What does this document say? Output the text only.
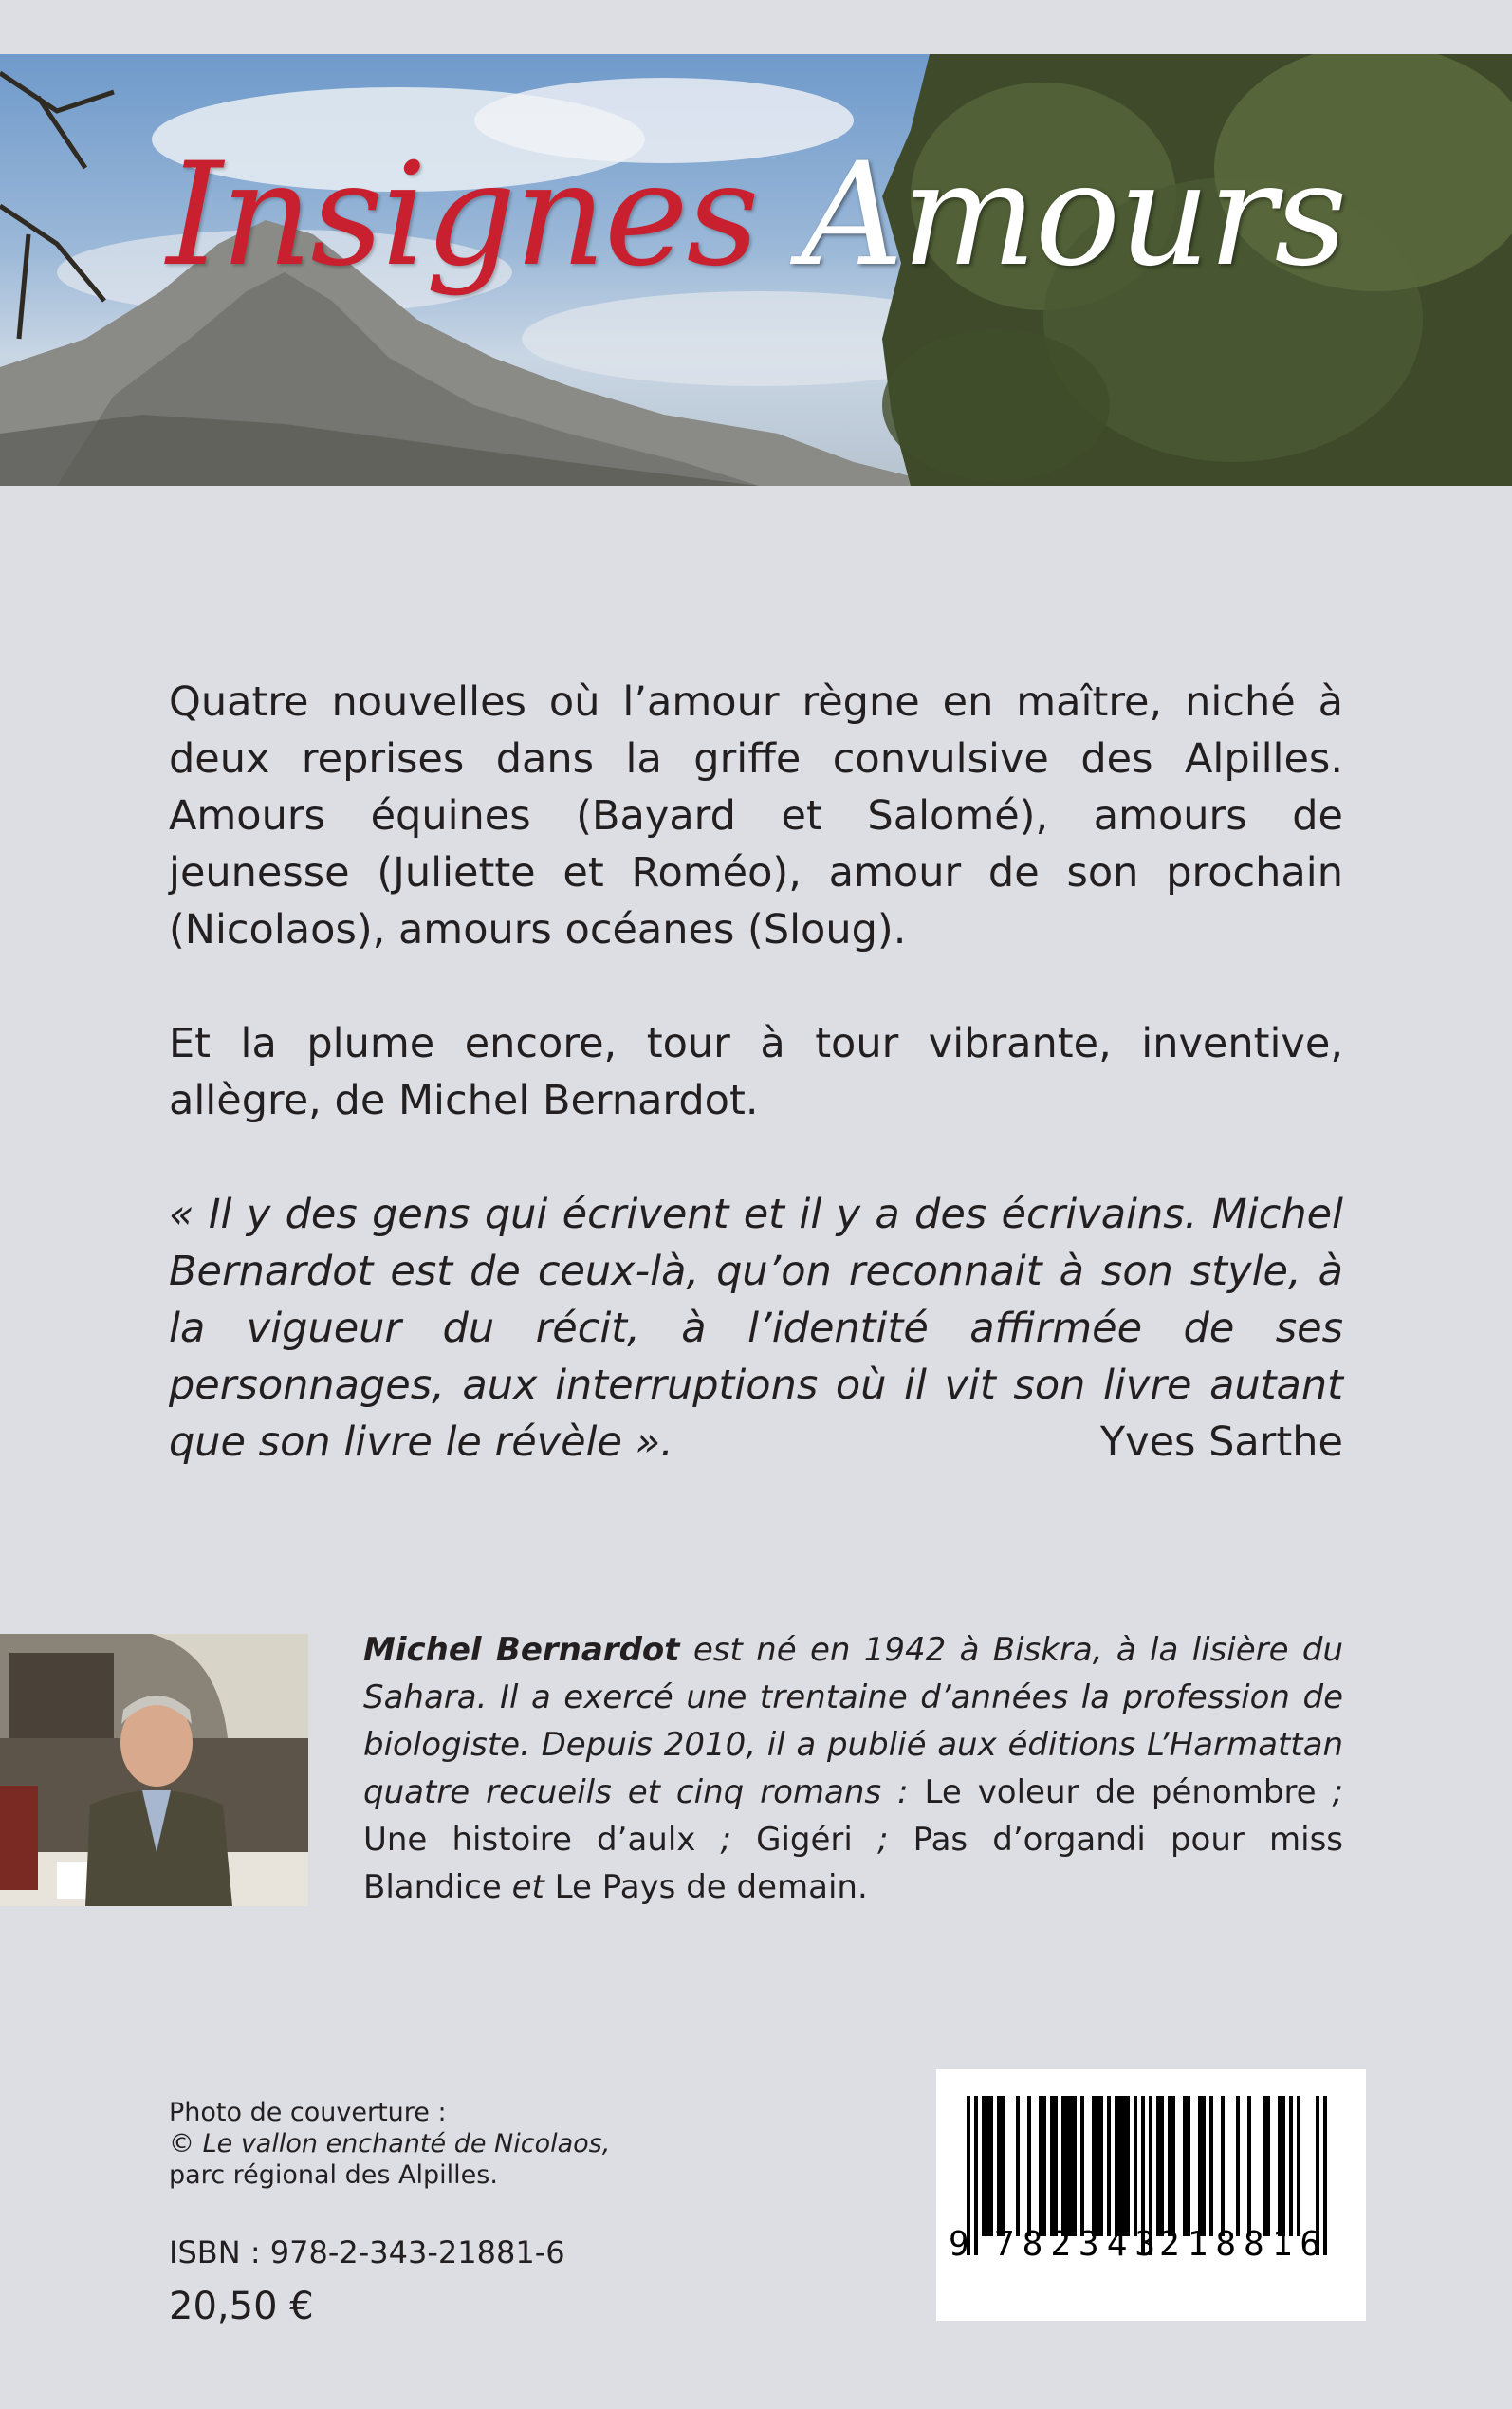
Insignes Amours

Quatre nouvelles où l’amour règne en maître, niché à deux reprises dans la griffe convulsive des Alpilles. Amours équines (Bayard et Salomé), amours de jeunesse (Juliette et Roméo), amour de son prochain (Nicolaos), amours océanes (Sloug).

Et la plume encore, tour à tour vibrante, inventive, allègre, de Michel Bernardot.

« Il y des gens qui écrivent et il y a des écrivains. Michel Bernardot est de ceux-là, qu’on reconnait à son style, à la vigueur du récit, à l’identité affirmée de ses personnages, aux interruptions où il vit son livre autant que son livre le révèle ».	Yves Sarthe

Michel Bernardot est né en 1942 à Biskra, à la lisière du Sahara. Il a exercé une trentaine d’années la profession de biologiste. Depuis 2010, il a publié aux éditions L’Harmattan quatre recueils et cinq romans : Le voleur de pénombre ; Une histoire d’aulx ; Gigéri ; Pas d’organdi pour miss Blandice et Le Pays de demain.

Photo de couverture :
© Le vallon enchanté de Nicolaos,
parc régional des Alpilles.
ISBN : 978-2-343-21881-6
20,50 €
9 782343
218816
